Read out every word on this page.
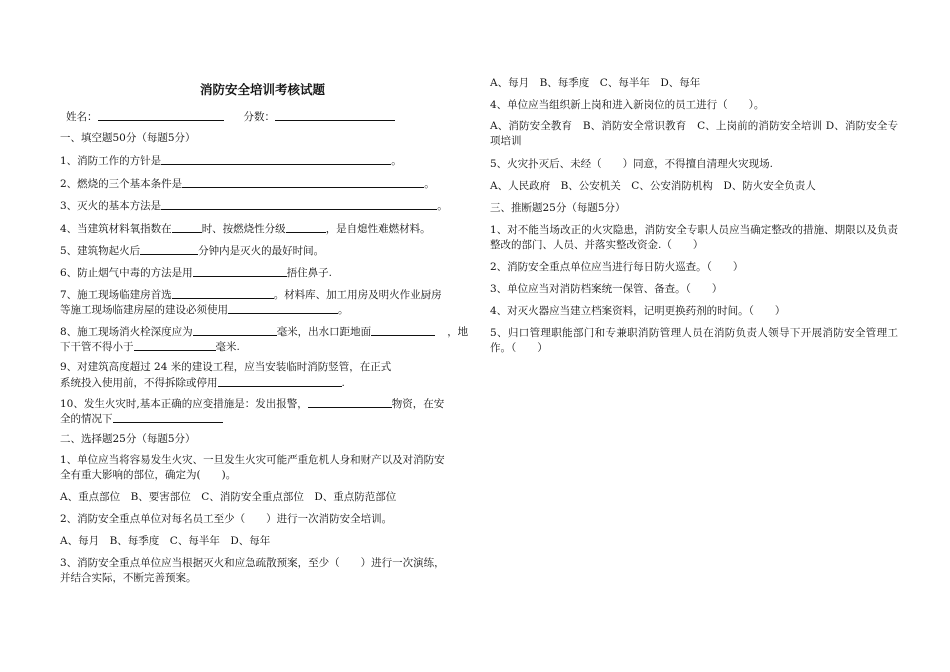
消防安全培训考核试题
姓名：	分数：
一、填空题50分（每题5分）
1、消防工作的方针是	。
2、燃烧的三个基本条件是	。
3、灭火的基本方法是	。
4、当建筑材料氧指数在	时、按燃烧性分级	，是自熄性难燃材料。
5、建筑物起火后	分钟内是灭火的最好时间。
6、防止烟气中毒的方法是用	捂住鼻子.
7、施工现场临建房首选	。材料库、加工用房及明火作业厨房
等施工现场临建房屋的建设必须使用	。
8、施工现场消火栓深度应为	毫米，出水口距地面	，地
下干管不得小于	毫米.
9、对建筑高度超过 24 米的建设工程，应当安装临时消防竖管，在正式
系统投入使用前，不得拆除或停用	.
10、发生火灾时,基本正确的应变措施是：发出报警，	物资，在安
全的情况下
二、选择题25分（每题5分）
1、单位应当将容易发生火灾、一旦发生火灾可能严重危机人身和财产以及对消防安
全有重大影响的部位，确定为(　　)。
A、重点部位　B、要害部位　C、消防安全重点部位　D、重点防范部位
2、消防安全重点单位对每名员工至少（　　）进行一次消防安全培训。
A、每月　B、每季度　C、每半年　D、每年
3、消防安全重点单位应当根据灭火和应急疏散预案，至少（　　）进行一次演练，
并结合实际，不断完善预案。
A、每月　B、每季度　C、每半年　D、每年
4、单位应当组织新上岗和进入新岗位的员工进行（　　）。
A、消防安全教育　B、消防安全常识教育　C、上岗前的消防安全培训 D、消防安全专项培训
5、火灾扑灭后、未经（　　）同意，不得擅自清理火灾现场.
A、人民政府　B、公安机关　C、公安消防机构　D、防火安全负责人
三、推断题25分（每题5分）
1、对不能当场改正的火灾隐患，消防安全专职人员应当确定整改的措施、期限以及负责整改的部门、人员、并落实整改资金.（　　）
2、消防安全重点单位应当进行每日防火巡查。（　　）
3、单位应当对消防档案统一保管、备查。（　　）
4、对灭火器应当建立档案资料，记明更换药剂的时间。（　　）
5、归口管理职能部门和专兼职消防管理人员在消防负责人领导下开展消防安全管理工作。（　　）
